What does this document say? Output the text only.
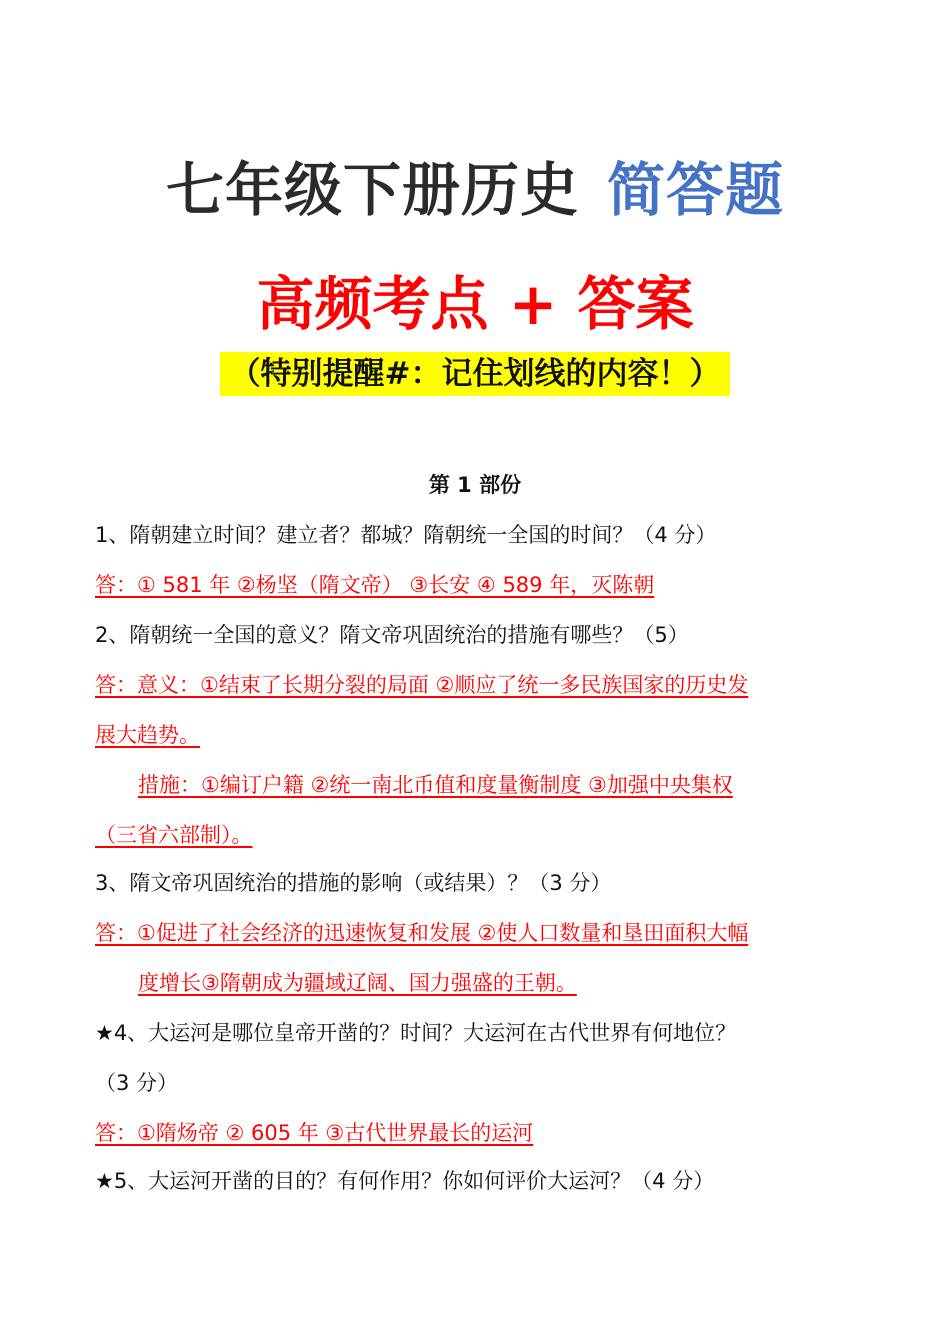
七年级下册历史 简答题
高频考点 + 答案
（特别提醒#：记住划线的内容！）
第 1 部份
1、隋朝建立时间？建立者？都城？隋朝统一全国的时间？（4 分）
答：① 581 年 ②杨坚（隋文帝） ③长安 ④ 589 年，灭陈朝
2、隋朝统一全国的意义？隋文帝巩固统治的措施有哪些？（5）
答：意义：①结束了长期分裂的局面 ②顺应了统一多民族国家的历史发
展大趋势。
措施：①编订户籍 ②统一南北币值和度量衡制度 ③加强中央集权
（三省六部制）。
3、隋文帝巩固统治的措施的影响（或结果）？（3 分）
答：①促进了社会经济的迅速恢复和发展 ②使人口数量和垦田面积大幅
度增长③隋朝成为疆域辽阔、国力强盛的王朝。
★4、大运河是哪位皇帝开凿的？时间？大运河在古代世界有何地位？
（3 分）
答：①隋炀帝 ② 605 年 ③古代世界最长的运河
★5、大运河开凿的目的？有何作用？你如何评价大运河？（4 分）
